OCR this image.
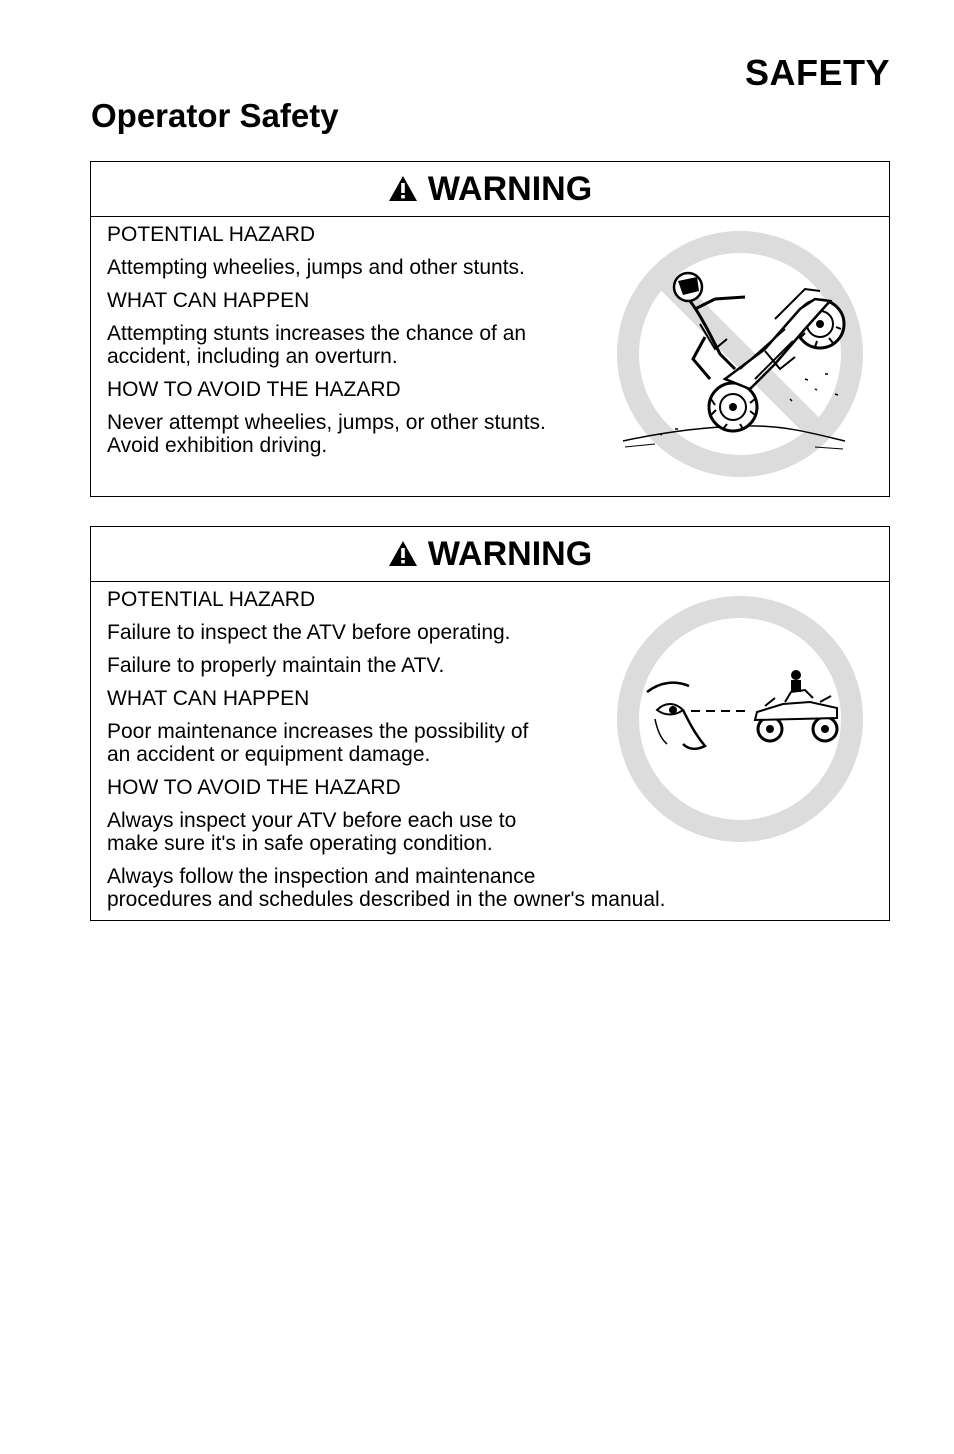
SAFETY
Operator Safety
WARNING

POTENTIAL HAZARD

Attempting wheelies, jumps and other stunts.

WHAT CAN HAPPEN

Attempting stunts increases the chance of an

accident, including an overturn.

HOW TO AVOID THE HAZARD

Never attempt wheelies, jumps, or other stunts.

Avoid exhibition driving.

WARNING

POTENTIAL HAZARD

Failure to inspect the ATV before operating.

Failure to properly maintain the ATV.

WHAT CAN HAPPEN

Poor maintenance increases the possibility of

an accident or equipment damage.

HOW TO AVOID THE HAZARD

Always inspect your ATV before each use to

make sure it's in safe operating condition.

Always follow the inspection and maintenance

procedures and schedules described in the owner's manual.
